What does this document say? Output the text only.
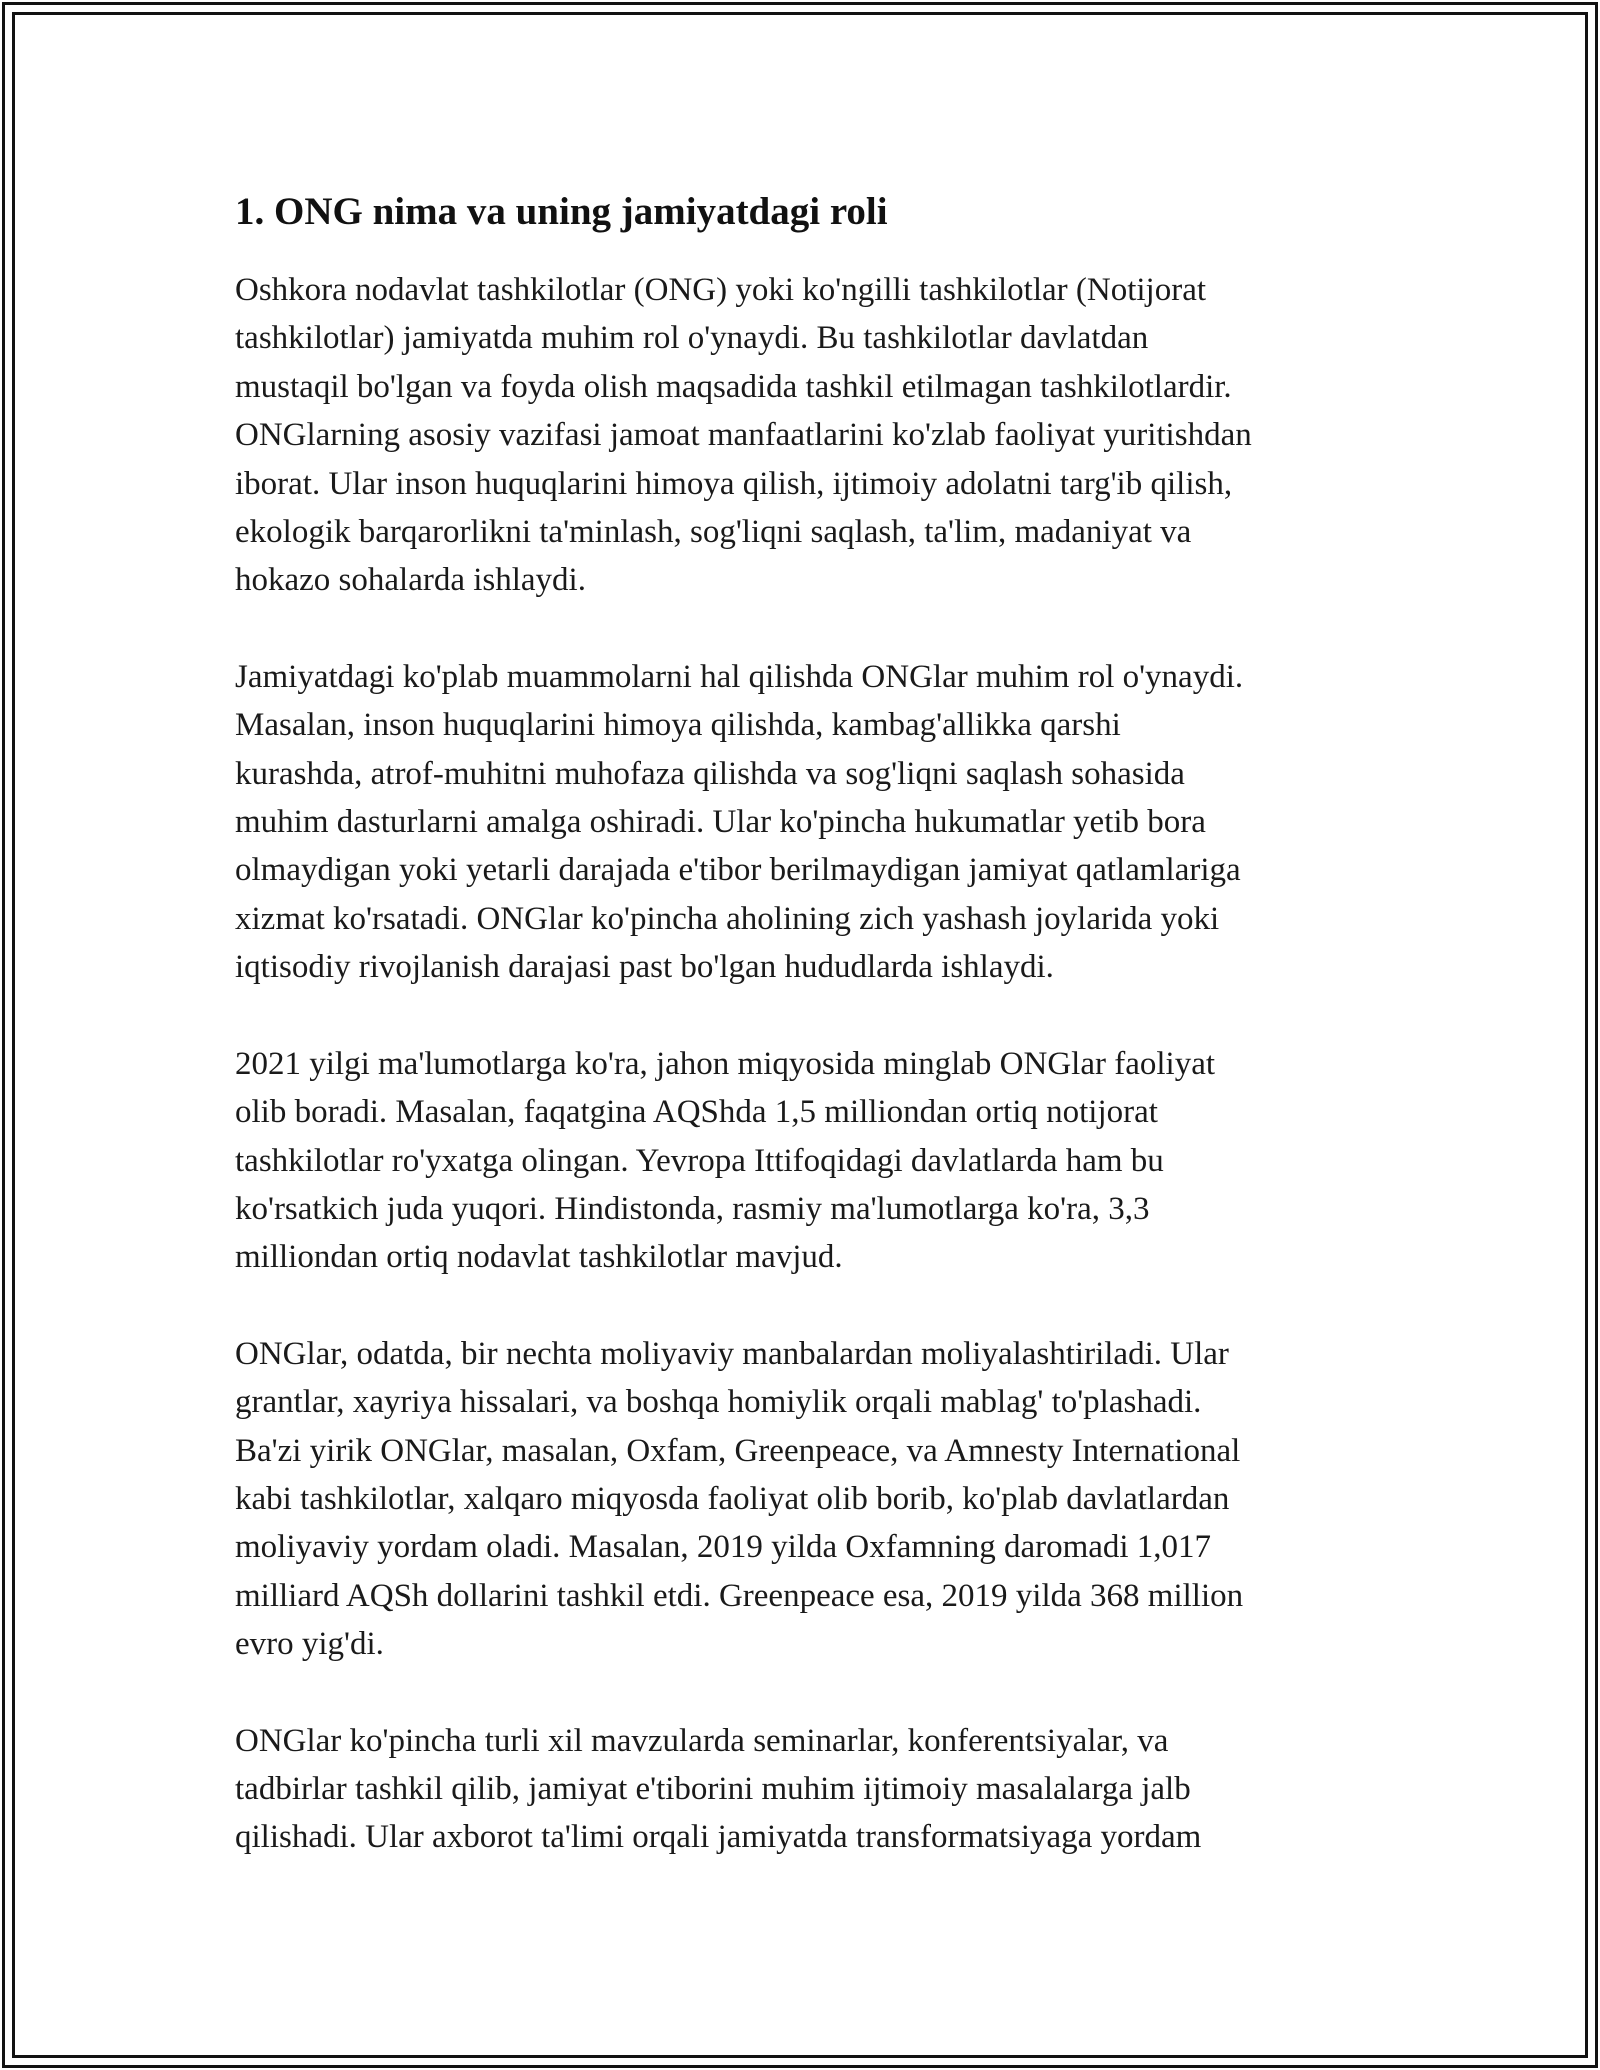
1. ONG nima va uning jamiyatdagi roli

Oshkora nodavlat tashkilotlar (ONG) yoki ko'ngilli tashkilotlar (Notijorat
tashkilotlar) jamiyatda muhim rol o'ynaydi. Bu tashkilotlar davlatdan
mustaqil bo'lgan va foyda olish maqsadida tashkil etilmagan tashkilotlardir.
ONGlarning asosiy vazifasi jamoat manfaatlarini ko'zlab faoliyat yuritishdan
iborat. Ular inson huquqlarini himoya qilish, ijtimoiy adolatni targ'ib qilish,
ekologik barqarorlikni ta'minlash, sog'liqni saqlash, ta'lim, madaniyat va
hokazo sohalarda ishlaydi.

Jamiyatdagi ko'plab muammolarni hal qilishda ONGlar muhim rol o'ynaydi.
Masalan, inson huquqlarini himoya qilishda, kambag'allikka qarshi
kurashda, atrof-muhitni muhofaza qilishda va sog'liqni saqlash sohasida
muhim dasturlarni amalga oshiradi. Ular ko'pincha hukumatlar yetib bora
olmaydigan yoki yetarli darajada e'tibor berilmaydigan jamiyat qatlamlariga
xizmat ko'rsatadi. ONGlar ko'pincha aholining zich yashash joylarida yoki
iqtisodiy rivojlanish darajasi past bo'lgan hududlarda ishlaydi.

2021 yilgi ma'lumotlarga ko'ra, jahon miqyosida minglab ONGlar faoliyat
olib boradi. Masalan, faqatgina AQShda 1,5 milliondan ortiq notijorat
tashkilotlar ro'yxatga olingan. Yevropa Ittifoqidagi davlatlarda ham bu
ko'rsatkich juda yuqori. Hindistonda, rasmiy ma'lumotlarga ko'ra, 3,3
milliondan ortiq nodavlat tashkilotlar mavjud.

ONGlar, odatda, bir nechta moliyaviy manbalardan moliyalashtiriladi. Ular
grantlar, xayriya hissalari, va boshqa homiylik orqali mablag' to'plashadi.
Ba'zi yirik ONGlar, masalan, Oxfam, Greenpeace, va Amnesty International
kabi tashkilotlar, xalqaro miqyosda faoliyat olib borib, ko'plab davlatlardan
moliyaviy yordam oladi. Masalan, 2019 yilda Oxfamning daromadi 1,017
milliard AQSh dollarini tashkil etdi. Greenpeace esa, 2019 yilda 368 million
evro yig'di.

ONGlar ko'pincha turli xil mavzularda seminarlar, konferentsiyalar, va
tadbirlar tashkil qilib, jamiyat e'tiborini muhim ijtimoiy masalalarga jalb
qilishadi. Ular axborot ta'limi orqali jamiyatda transformatsiyaga yordam
